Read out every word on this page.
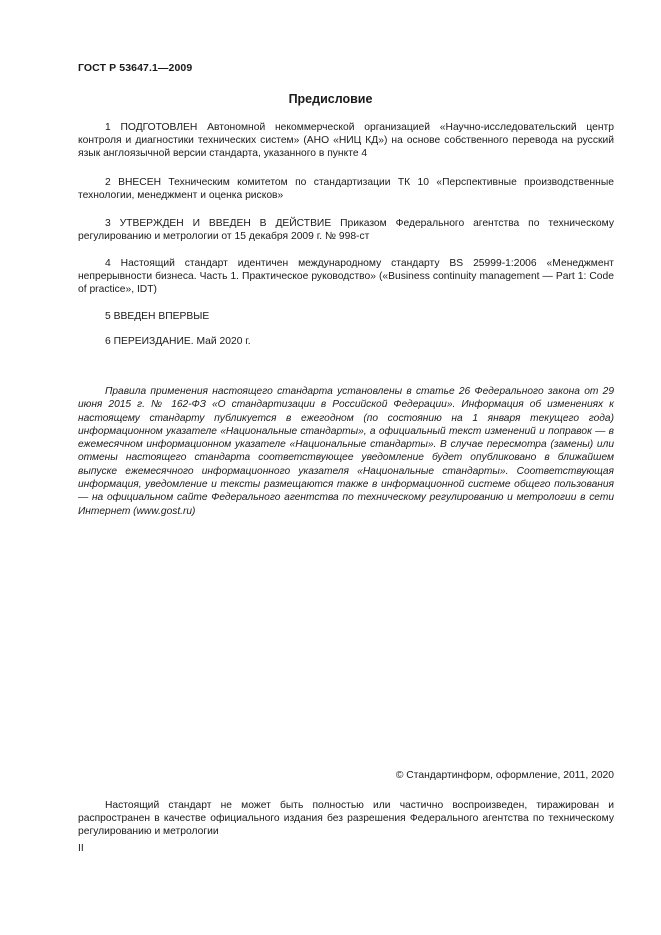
ГОСТ Р 53647.1—2009
Предисловие
1 ПОДГОТОВЛЕН Автономной некоммерческой организацией «Научно-исследовательский центр контроля и диагностики технических систем» (АНО «НИЦ КД») на основе собственного перевода на русский язык англоязычной версии стандарта, указанного в пункте 4
2 ВНЕСЕН Техническим комитетом по стандартизации ТК 10 «Перспективные производственные технологии, менеджмент и оценка рисков»
3 УТВЕРЖДЕН И ВВЕДЕН В ДЕЙСТВИЕ Приказом Федерального агентства по техническому регулированию и метрологии от 15 декабря 2009 г. № 998-ст
4 Настоящий стандарт идентичен международному стандарту BS 25999-1:2006 «Менеджмент непрерывности бизнеса. Часть 1. Практическое руководство» («Business continuity management — Part 1: Code of practice», IDT)
5 ВВЕДЕН ВПЕРВЫЕ
6 ПЕРЕИЗДАНИЕ. Май 2020 г.
Правила применения настоящего стандарта установлены в статье 26 Федерального закона от 29 июня 2015 г. № 162-ФЗ «О стандартизации в Российской Федерации». Информация об изменениях к настоящему стандарту публикуется в ежегодном (по состоянию на 1 января текущего года) информационном указателе «Национальные стандарты», а официальный текст изменений и поправок — в ежемесячном информационном указателе «Национальные стандарты». В случае пересмотра (замены) или отмены настоящего стандарта соответствующее уведомление будет опубликовано в ближайшем выпуске ежемесячного информационного указателя «Национальные стандарты». Соответствующая информация, уведомление и тексты размещаются также в информационной системе общего пользования — на официальном сайте Федерального агентства по техническому регулированию и метрологии в сети Интернет (www.gost.ru)
© Стандартинформ, оформление, 2011, 2020
Настоящий стандарт не может быть полностью или частично воспроизведен, тиражирован и распространен в качестве официального издания без разрешения Федерального агентства по техническому регулированию и метрологии
II
